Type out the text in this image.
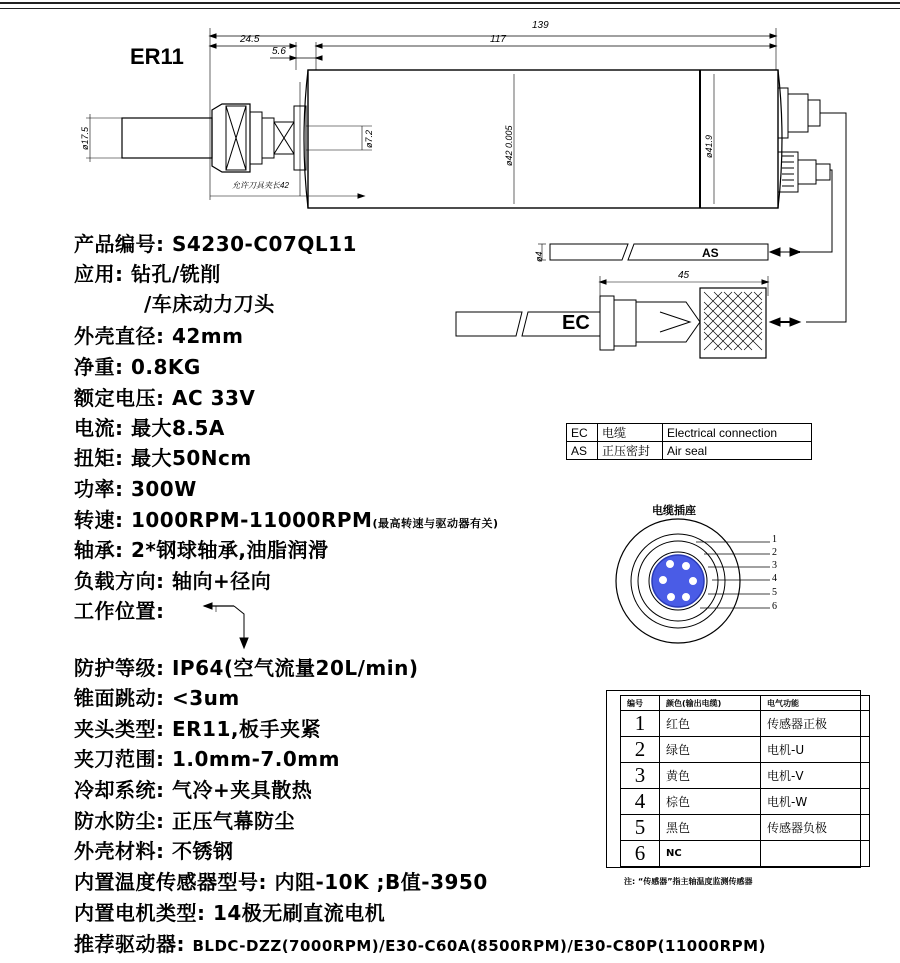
ER11
139
24.5	117
5.6
ø17.5	ø7.2	ø42 0.005	ø41.9
允许刀具夹长42
ø4
45
AS
EC
EC	电缆	Electrical connection
AS	正压密封	Air seal
电缆插座
1
2
3
4
5
6
编号	颜色(输出电缆)	电气功能
1	红色	传感器正极
2	绿色	电机-U
3	黄色	电机-V
4	棕色	电机-W
5	黑色	传感器负极
6	NC	
注: “传感器”指主轴温度监测传感器
产品编号: S4230-C07QL11
应用: 钻孔/铣削
/车床动力刀头
外壳直径: 42mm
净重: 0.8KG
额定电压: AC 33V
电流: 最大8.5A
扭矩: 最大50Ncm
功率: 300W
转速: 1000RPM-11000RPM(最高转速与驱动器有关)
轴承: 2*钢球轴承,油脂润滑
负载方向: 轴向+径向
工作位置:
防护等级: IP64(空气流量20L/min)
锥面跳动: <3um
夹头类型: ER11,板手夹紧
夹刀范围: 1.0mm-7.0mm
冷却系统: 气冷+夹具散热
防水防尘: 正压气幕防尘
外壳材料: 不锈钢
内置温度传感器型号: 内阻-10K ;B值-3950
内置电机类型: 14极无刷直流电机
推荐驱动器: BLDC-DZZ(7000RPM)/E30-C60A(8500RPM)/E30-C80P(11000RPM)
